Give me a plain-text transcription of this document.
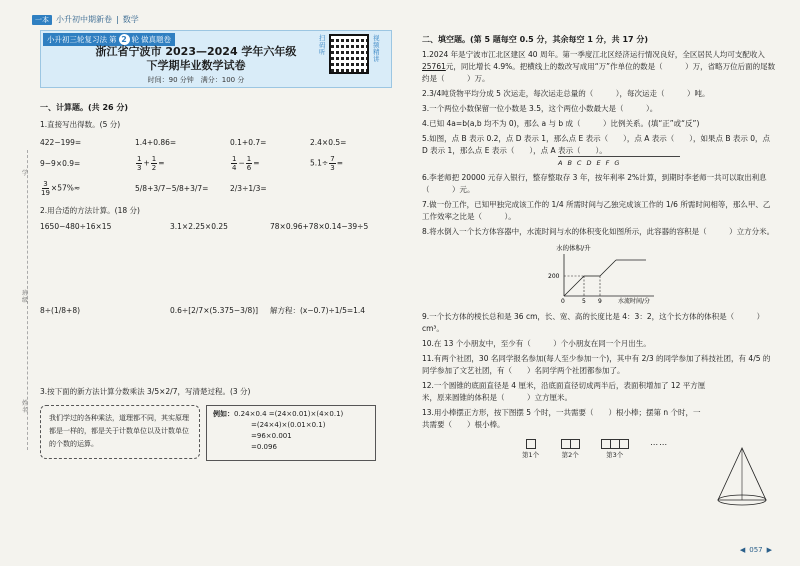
一本 小升初中期新卷 | 数学
学
班级
姓名
小升初三轮复习法 第 2 轮 做真题卷
浙江省宁波市 2023—2024 学年六年级
下学期毕业数学试卷
时间：90 分钟　满分：100 分
扫码听
视频精讲
一、计算题。(共 26 分)
1.直接写出得数。(5 分)
422−199=	1.4+0.86=	0.1+0.7=	2.4×0.5=
9−9×0.9=	$\frac{1}{3} + \frac{1}{2}$ =	$\frac{1}{4} - \frac{1}{6}$ =	$5.1\div \frac{7}{3}$ =
$\frac{3}{19} \times 57\%\approx$	5/8+3/7−5/8+3/7=	2/3÷1/3=
2.用合适的方法计算。(18 分)
1650−480÷16×15	3.1×2.25×0.25	78×0.96+78×0.14−39÷5
8÷(1/8+8)	0.6÷[2/7×(5.375−3/8)]	解方程：(x−0.7)÷1/5=1.4
3.按下面的新方法计算分数乘法 3/5×2/7，写清楚过程。(3 分)
我们学过的各种乘法，道理都不同，其实原理都是一样的，都是关于计数单位以及计数单位的个数的运算。
例如：0.24×0.4 =(24×0.01)×(4×0.1)
=(24×4)×(0.01×0.1)
=96×0.001
=0.096
二、填空题。(第 5 题每空 0.5 分，其余每空 1 分，共 17 分)

1.2024 年是宁波市江北区建区 40 周年。第一季度江北区经济运行情况良好，全区居民人均可支配收入25761元，同比增长 4.9%。把横线上的数改写成用“万”作单位的数是（　　　）万，省略万位后面的尾数约是（　　　）万。

2.3/4吨货物平均分成 5 次运走，每次运走总量的（　　　），每次运走（　　　）吨。

3.一个两位小数保留一位小数是 3.5，这个两位小数最大是（　　　）。

4.已知 4a=b(a,b 均不为 0)，那么 a 与 b 成（　　　）比例关系。(填“正”或“反”)

5.如图，点 B 表示 0.2，点 D 表示 1，那么点 E 表示（　　），点 A 表示（　　），如果点 B 表示 0，点 D 表示 1，那么点 E 表示（　　），点 A 表示（　　）。

A B C D E F G

6.李老师把 20000 元存入银行，整存整取存 3 年，按年利率 2%计算，到期时李老师一共可以取出利息（　　　）元。

7.做一份工作，已知甲独完成该工作的 1/4 所需时间与乙独完成该工作的 1/6 所需时间相等，那么甲、乙工作效率之比是（　　　）。

8.将水倒入一个长方体容器中，水流时间与水的体积变化如图所示，此容器的容积是（　　　）立方分米。

水的体积/升
200
0	5 9	水流时间/分

9.一个长方体的棱长总和是 36 cm，长、宽、高的长度比是 4：3：2，这个长方体的体积是（　　　）cm³。

10.在 13 个小朋友中，至少有（　　　）个小朋友在同一个月出生。

11.有两个社团，30 名同学报名参加(每人至少参加一个)，其中有 2/3 的同学参加了科技社团，有 4/5 的同学参加了文艺社团，有（　　）名同学两个社团都参加了。

12.一个圆锥的底面直径是 4 厘米，沿底面直径切成两半后，表面积增加了 12 平方厘米，原来圆锥的体积是（　　　）立方厘米。

13.用小棒摆正方形，按下图摆 5 个时，一共需要（　　）根小棒；摆第 n 个时，一共需要（　　）根小棒。

第1个	第2个	第3个
……

◀ 057 ▶
